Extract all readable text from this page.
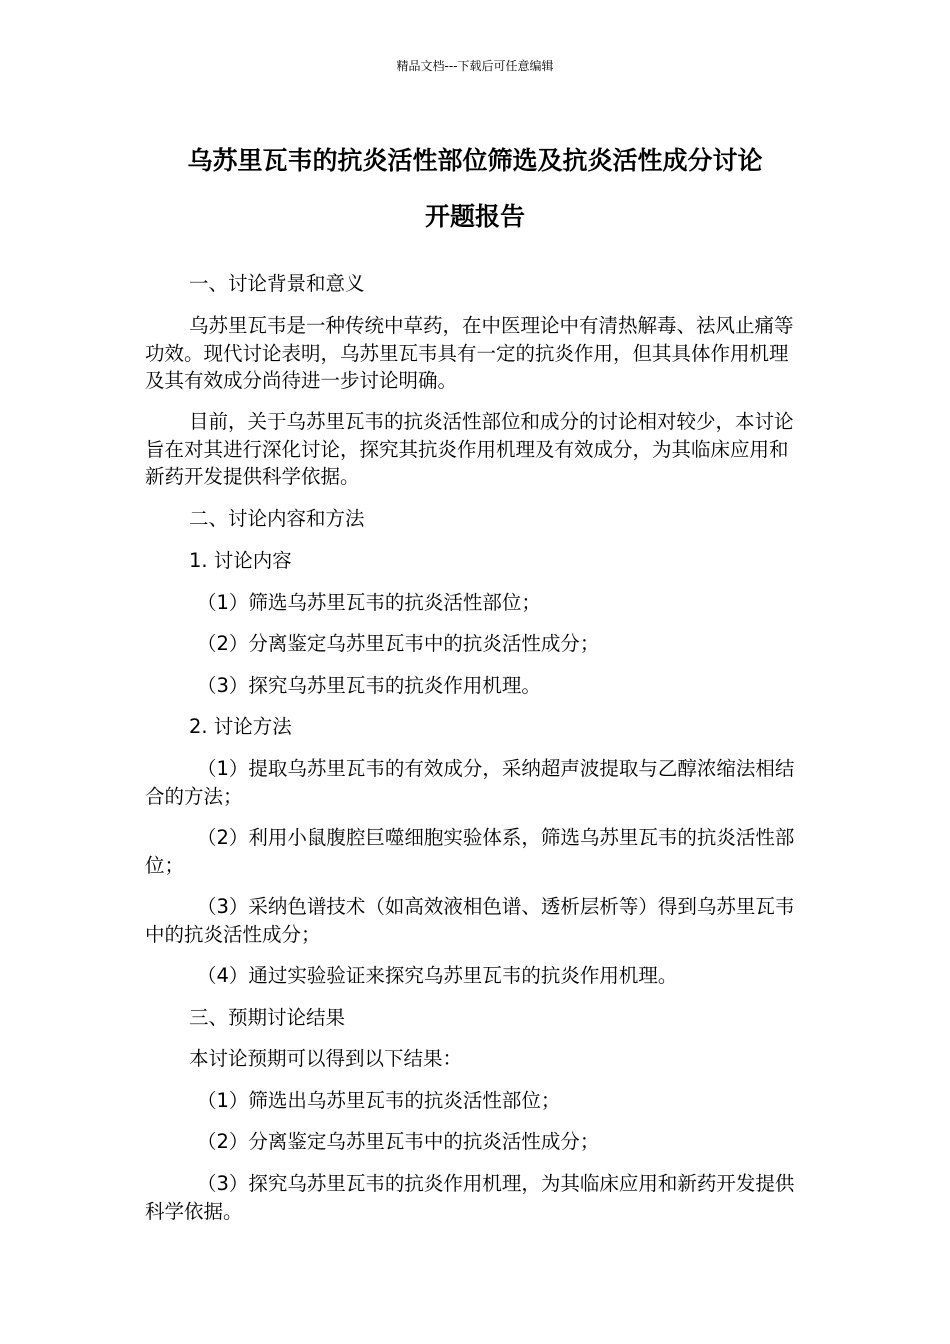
精品文档---下载后可任意编辑
乌苏里瓦韦的抗炎活性部位筛选及抗炎活性成分讨论
开题报告

一、讨论背景和意义

乌苏里瓦韦是一种传统中草药，在中医理论中有清热解毒、祛风止痛等功效。现代讨论表明，乌苏里瓦韦具有一定的抗炎作用，但其具体作用机理及其有效成分尚待进一步讨论明确。

目前，关于乌苏里瓦韦的抗炎活性部位和成分的讨论相对较少，本讨论旨在对其进行深化讨论，探究其抗炎作用机理及有效成分，为其临床应用和新药开发提供科学依据。

二、讨论内容和方法

1. 讨论内容

（1）筛选乌苏里瓦韦的抗炎活性部位；

（2）分离鉴定乌苏里瓦韦中的抗炎活性成分；

（3）探究乌苏里瓦韦的抗炎作用机理。

2. 讨论方法

（1）提取乌苏里瓦韦的有效成分，采纳超声波提取与乙醇浓缩法相结合的方法；

（2）利用小鼠腹腔巨噬细胞实验体系，筛选乌苏里瓦韦的抗炎活性部位；

（3）采纳色谱技术（如高效液相色谱、透析层析等）得到乌苏里瓦韦中的抗炎活性成分；

（4）通过实验验证来探究乌苏里瓦韦的抗炎作用机理。

三、预期讨论结果

本讨论预期可以得到以下结果：

（1）筛选出乌苏里瓦韦的抗炎活性部位；

（2）分离鉴定乌苏里瓦韦中的抗炎活性成分；

（3）探究乌苏里瓦韦的抗炎作用机理，为其临床应用和新药开发提供科学依据。
